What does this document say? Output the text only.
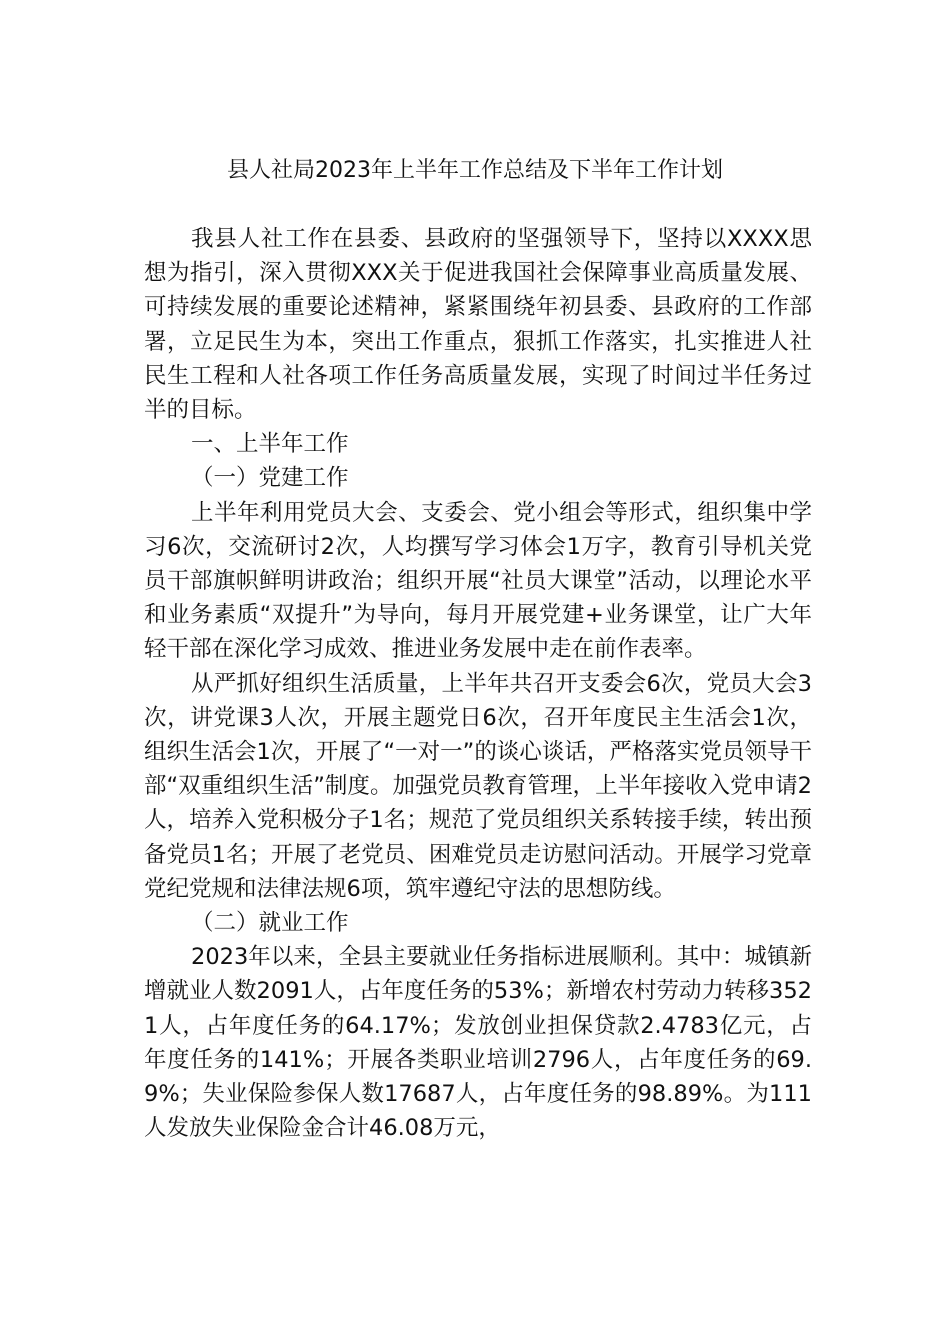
县人社局2023年上半年工作总结及下半年工作计划

我县人社工作在县委、县政府的坚强领导下，坚持以XXXX思想为指引，深入贯彻XXX关于促进我国社会保障事业高质量发展、可持续发展的重要论述精神，紧紧围绕年初县委、县政府的工作部署，立足民生为本，突出工作重点，狠抓工作落实，扎实推进人社民生工程和人社各项工作任务高质量发展，实现了时间过半任务过半的目标。

一、上半年工作

（一）党建工作

上半年利用党员大会、支委会、党小组会等形式，组织集中学习6次，交流研讨2次，人均撰写学习体会1万字，教育引导机关党员干部旗帜鲜明讲政治；组织开展“社员大课堂”活动，以理论水平和业务素质“双提升”为导向，每月开展党建+业务课堂，让广大年轻干部在深化学习成效、推进业务发展中走在前作表率。

从严抓好组织生活质量，上半年共召开支委会6次，党员大会3次，讲党课3人次，开展主题党日6次，召开年度民主生活会1次，组织生活会1次，开展了“一对一”的谈心谈话，严格落实党员领导干部“双重组织生活”制度。加强党员教育管理，上半年接收入党申请2人，培养入党积极分子1名；规范了党员组织关系转接手续，转出预备党员1名；开展了老党员、困难党员走访慰问活动。开展学习党章党纪党规和法律法规6项，筑牢遵纪守法的思想防线。

（二）就业工作

2023年以来，全县主要就业任务指标进展顺利。其中：城镇新增就业人数2091人，占年度任务的53%；新增农村劳动力转移3521人，占年度任务的64.17%；发放创业担保贷款2.4783亿元，占年度任务的141%；开展各类职业培训2796人，占年度任务的69.9%；失业保险参保人数17687人，占年度任务的98.89%。为111人发放失业保险金合计46.08万元，
